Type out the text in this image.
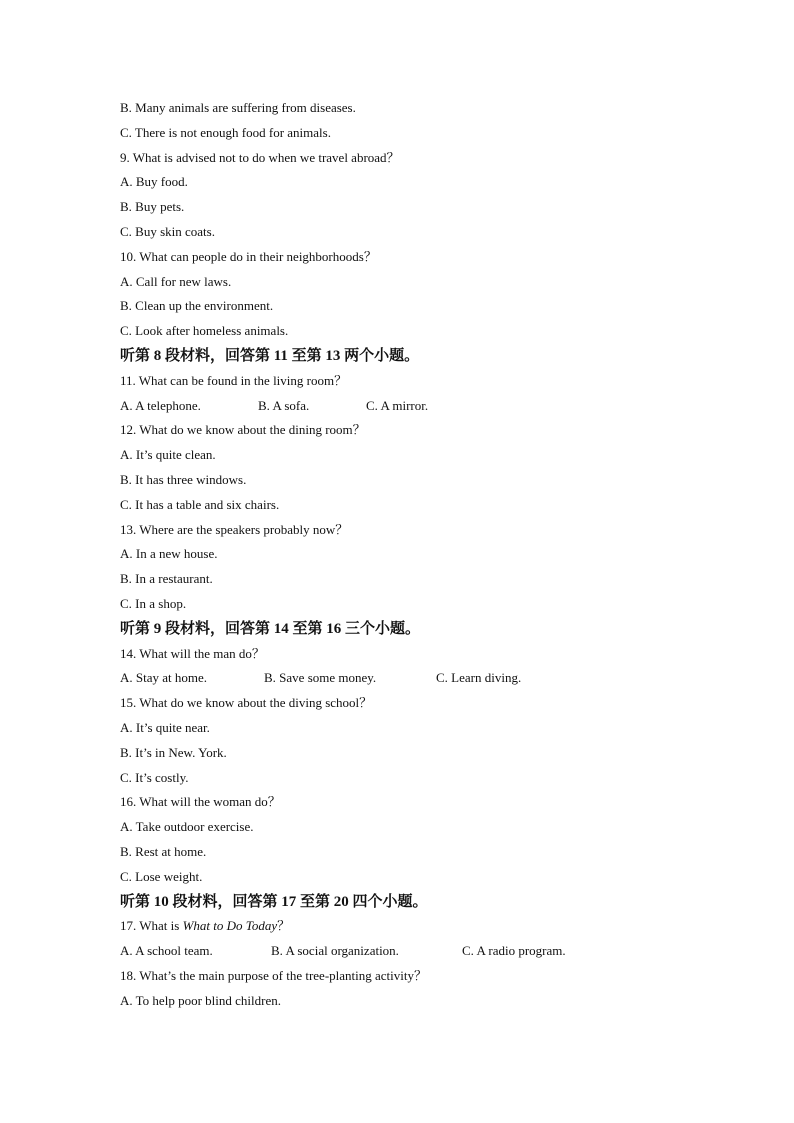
B. Many animals are suffering from diseases.
C. There is not enough food for animals.
9. What is advised not to do when we travel abroad？
A. Buy food.
B. Buy pets.
C. Buy skin coats.
10. What can people do in their neighborhoods？
A. Call for new laws.
B. Clean up the environment.
C. Look after homeless animals.
听第 8 段材料，回答第 11 至第 13 两个小题。
11. What can be found in the living room？
A. A telephone.	B. A sofa.	C. A mirror.
12. What do we know about the dining room？
A. It’s quite clean.
B. It has three windows.
C. It has a table and six chairs.
13. Where are the speakers probably now？
A. In a new house.
B. In a restaurant.
C. In a shop.
听第 9 段材料，回答第 14 至第 16 三个小题。
14. What will the man do？
A. Stay at home.	B. Save some money.	C. Learn diving.
15. What do we know about the diving school？
A. It’s quite near.
B. It’s in New. York.
C. It’s costly.
16. What will the woman do？
A. Take outdoor exercise.
B. Rest at home.
C. Lose weight.
听第 10 段材料，回答第 17 至第 20 四个小题。
17. What is What to Do Today？
A. A school team.	B. A social organization.	C. A radio program.
18. What’s the main purpose of the tree-planting activity？
A. To help poor blind children.
